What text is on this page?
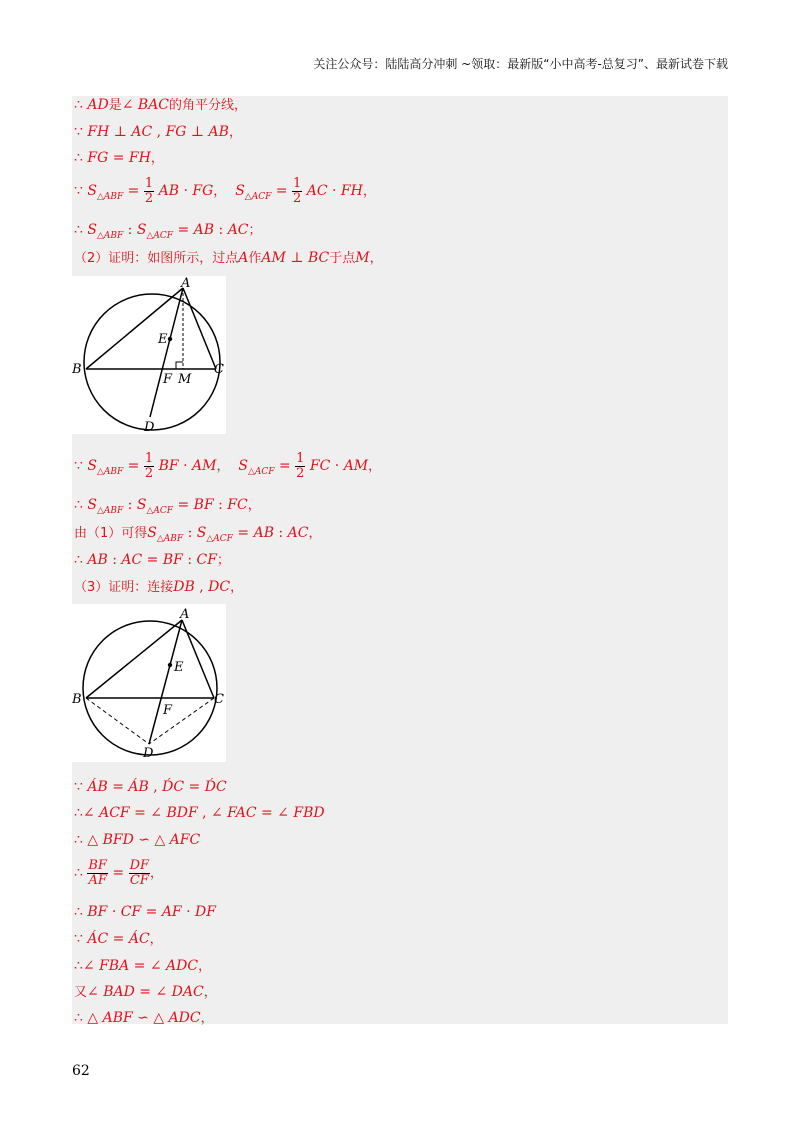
关注公众号：陆陆高分冲刺 ~领取：最新版“小中高考-总复习”、最新试卷下载
∴ AD是∠ BAC的角平分线，
∵ FH ⊥ AC , FG ⊥ AB，
∴ FG = FH，
∵ $S_{\triangle ABF} = \frac{1}{2}$ AB · FG， $S_{\triangle ACF} = \frac{1}{2}$ AC · FH，
∴ $S_{\triangle ABF}$ : $S_{\triangle ACF}$ = AB : AC；
（2）证明：如图所示，过点A作AM ⊥ BC于点M，
A
E
B
F M
C
D
∵ $S_{\triangle ABF} = \frac{1}{2}$ BF · AM， $S_{\triangle ACF} = \frac{1}{2}$ FC · AM，
∴ $S_{\triangle ABF}$ : $S_{\triangle ACF}$ = BF : FC，
由（1）可得$S_{\triangle ABF}$ : $S_{\triangle ACF}$ = AB : AC，
∴ AB : AC = BF : CF；
（3）证明：连接DB , DC，
A
E
B
F
C
D
∵ ÁB = ÁB , D́C = D́C
∴∠ ACF = ∠ BDF , ∠ FAC = ∠ FBD
∴ △ BFD ∽ △ AFC
∴ $\frac{BF}{AF} = \frac{DF}{CF}$ ，
∴ BF · CF = AF · DF
∵ ÁC = ÁC，
∴∠ FBA = ∠ ADC，
又∠ BAD = ∠ DAC，
∴ △ ABF ∽ △ ADC，
62
